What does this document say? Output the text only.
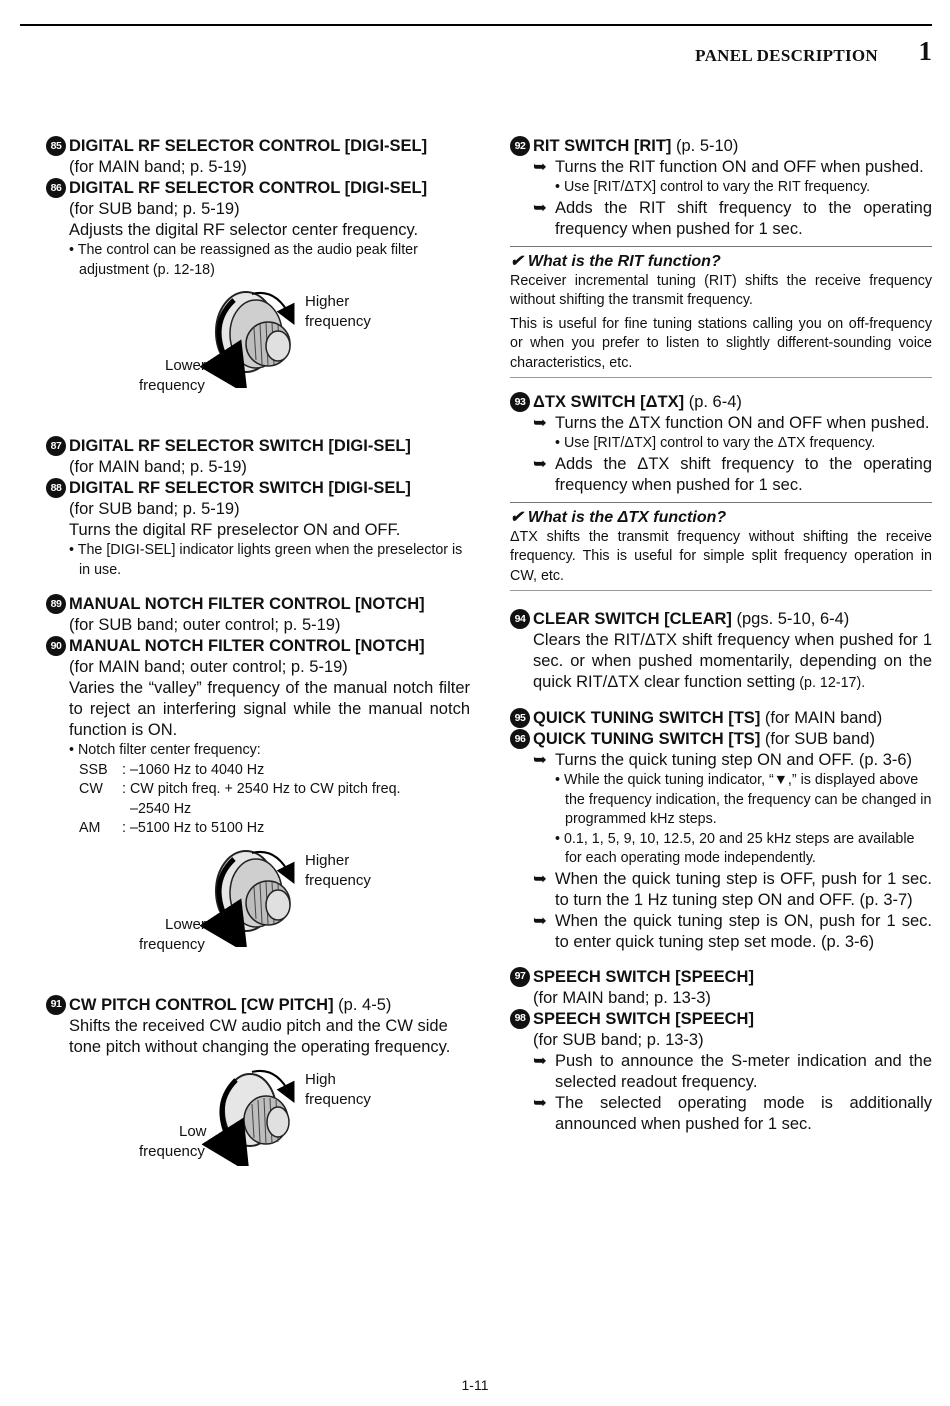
PANEL DESCRIPTION 1
85 DIGITAL RF SELECTOR CONTROL [DIGI-SEL]
(for MAIN band; p. 5-19)
86 DIGITAL RF SELECTOR CONTROL [DIGI-SEL]
(for SUB band; p. 5-19)
Adjusts the digital RF selector center frequency.
• The control can be reassigned as the audio peak filter adjustment (p. 12-18)
Higher
frequency
Lower
frequency
87 DIGITAL RF SELECTOR SWITCH [DIGI-SEL]
(for MAIN band; p. 5-19)
88 DIGITAL RF SELECTOR SWITCH [DIGI-SEL]
(for SUB band; p. 5-19)
Turns the digital RF preselector ON and OFF.
• The [DIGI-SEL] indicator lights green when the preselector is in use.
89 MANUAL NOTCH FILTER CONTROL [NOTCH]
(for SUB band; outer control; p. 5-19)
90 MANUAL NOTCH FILTER CONTROL [NOTCH]
(for MAIN band; outer control; p. 5-19)
Varies the “valley” frequency of the manual notch filter to reject an interfering signal while the manual notch function is ON.
• Notch filter center frequency:
SSB	: –1060 Hz to 4040 Hz
CW	: CW pitch freq. + 2540 Hz to CW pitch freq.
–2540 Hz
AM	: –5100 Hz to 5100 Hz
Higher
frequency
Lower
frequency
91 CW PITCH CONTROL [CW PITCH] (p. 4-5)
Shifts the received CW audio pitch and the CW side tone pitch without changing the operating frequency.
High
frequency
Low
frequency
92 RIT SWITCH [RIT] (p. 5-10)
➥ Turns the RIT function ON and OFF when pushed.
• Use [RIT/ΔTX] control to vary the RIT frequency.
➥ Adds the RIT shift frequency to the operating frequency when pushed for 1 sec.
✔ What is the RIT function?
Receiver incremental tuning (RIT) shifts the receive frequency without shifting the transmit frequency.
This is useful for fine tuning stations calling you on off-frequency or when you prefer to listen to slightly different-sounding voice characteristics, etc.
93 ΔTX SWITCH [ΔTX] (p. 6-4)
➥ Turns the ΔTX function ON and OFF when pushed.
• Use [RIT/ΔTX] control to vary the ΔTX frequency.
➥ Adds the ΔTX shift frequency to the operating frequency when pushed for 1 sec.
✔ What is the ΔTX function?
ΔTX shifts the transmit frequency without shifting the receive frequency. This is useful for simple split frequency operation in CW, etc.
94 CLEAR SWITCH [CLEAR] (pgs. 5-10, 6-4)
Clears the RIT/ΔTX shift frequency when pushed for 1 sec. or when pushed momentarily, depending on the quick RIT/ΔTX clear function setting (p. 12-17).
95 QUICK TUNING SWITCH [TS] (for MAIN band)
96 QUICK TUNING SWITCH [TS] (for SUB band)
➥ Turns the quick tuning step ON and OFF. (p. 3-6)
• While the quick tuning indicator, “▼,” is displayed above the frequency indication, the frequency can be changed in programmed kHz steps.
• 0.1, 1, 5, 9, 10, 12.5, 20 and 25 kHz steps are available for each operating mode independently.
➥ When the quick tuning step is OFF, push for 1 sec. to turn the 1 Hz tuning step ON and OFF. (p. 3-7)
➥ When the quick tuning step is ON, push for 1 sec. to enter quick tuning step set mode. (p. 3-6)
97 SPEECH SWITCH [SPEECH]
(for MAIN band; p. 13-3)
98 SPEECH SWITCH [SPEECH]
(for SUB band; p. 13-3)
➥ Push to announce the S-meter indication and the selected readout frequency.
➥ The selected operating mode is additionally announced when pushed for 1 sec.
1-11
